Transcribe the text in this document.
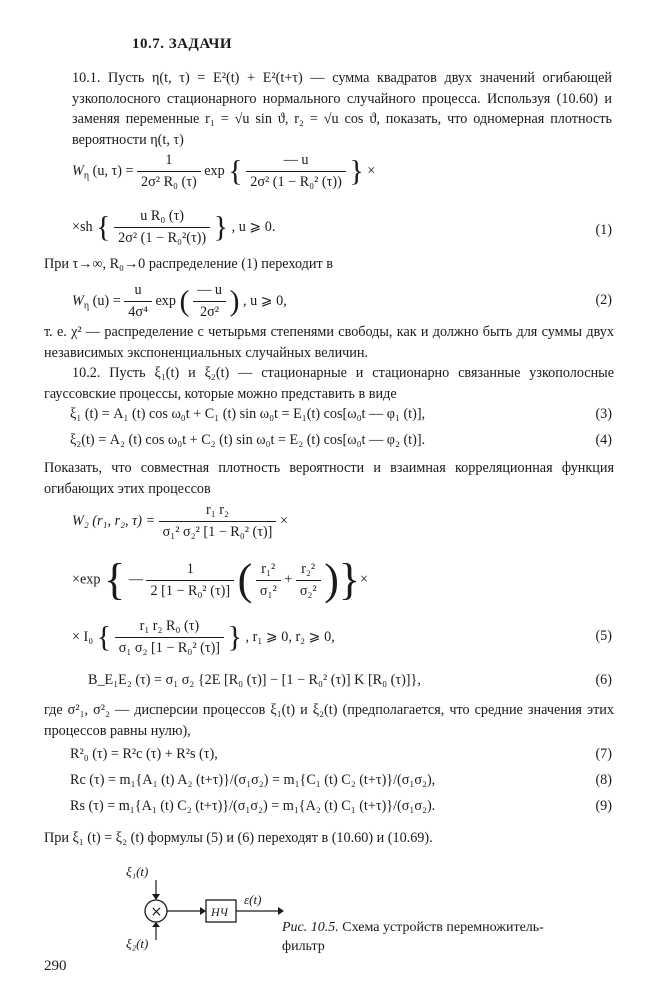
10.7. ЗАДАЧИ
10.1. Пусть η(t, τ) = E²(t) + E²(t+τ) — сумма квадратов двух значений огибающей узкополосного стационарного нормального случайного процесса. Используя (10.60) и заменяя переменные r₁ = √u sin ϑ, r₂ = √u cos ϑ, показать, что одномерная плотность вероятности η(t, τ)
$W_\eta$ (u, $\tau) = \frac{1}{\text{2σ² R₀ (τ)}}$ exp { $\frac{— u}{\text{2σ² (1 − R₀² (τ))}}$ } ×
×sh { $\frac{\text{u R₀ (τ)}}{\text{2σ² (1 − R₀²(τ))}}$ } , u ⩾ 0.	(1)
При τ→∞, R₀→0 распределение (1) переходит в
$W_\eta$ $(u) = \frac{u}{\text{4σ⁴}}$ exp ( $\frac{— u}{\text{2σ²}}$ ) , u ⩾ 0,	(2)
т. е. χ² — распределение с четырьмя степенями свободы, как и должно быть для суммы двух независимых экспоненциальных случайных величин.
10.2. Пусть ξ₁(t) и ξ₂(t) — стационарные и стационарно связанные узкополосные гауссовские процессы, которые можно представить в виде
ξ₁ (t) = A₁ (t) cos ω₀t + C₁ (t) sin ω₀t = E₁(t) cos[ω₀t — φ₁ (t)],	(3)
ξ₂(t) = A₂ (t) cos ω₀t + C₂ (t) sin ω₀t = E₂ (t) cos[ω₀t — φ₂ (t)].	(4)
Показать, что совместная плотность вероятности и взаимная корреляционная функция огибающих этих процессов
W₂ (r₁, r₂, $\tau) = \frac{\text{r₁ r₂}}{\text{σ₁² σ₂² [1 − R₀² (τ)]}}$ ×
×exp { — $\frac{1}{\text{2 [1 − R₀² (τ)]}}$ ( $\frac{\text{r₁²}}{\text{σ₁²}} + \frac{\text{r₂²}}{\text{σ₂²}}$ )}×
× I₀ { $\frac{\text{r₁ r₂ R₀ (τ)}}{\text{σ₁ σ₂ [1 − R₀² (τ)]}}$ } , r₁ ⩾ 0, r₂ ⩾ 0,	(5)
B_E₁E₂ (τ) = σ₁ σ₂ {2E [R₀ (τ)] − [1 − R₀² (τ)] K [R₀ (τ)]},	(6)
где σ²₁, σ²₂ — дисперсии процессов ξ₁(t) и ξ₂(t) (предполагается, что средние значения этих процессов равны нулю),
R²₀ (τ) = R²c (τ) + R²s (τ),	(7)
Rc (τ) = m₁{A₁ (t) A₂ (t+τ)}/(σ₁σ₂) = m₁{C₁ (t) C₂ (t+τ)}/(σ₁σ₂),	(8)
Rs (τ) = m₁{A₁ (t) C₂ (t+τ)}/(σ₁σ₂) = m₁{A₂ (t) C₁ (t+τ)}/(σ₁σ₂).	(9)
При ξ₁ (t) = ξ₂ (t) формулы (5) и (6) переходят в (10.60) и (10.69).
ξ₁(t)
×
ξ₂(t)
НЧ
ε(t)
Рис. 10.5. Схема устройств перемножитель-фильтр
290
